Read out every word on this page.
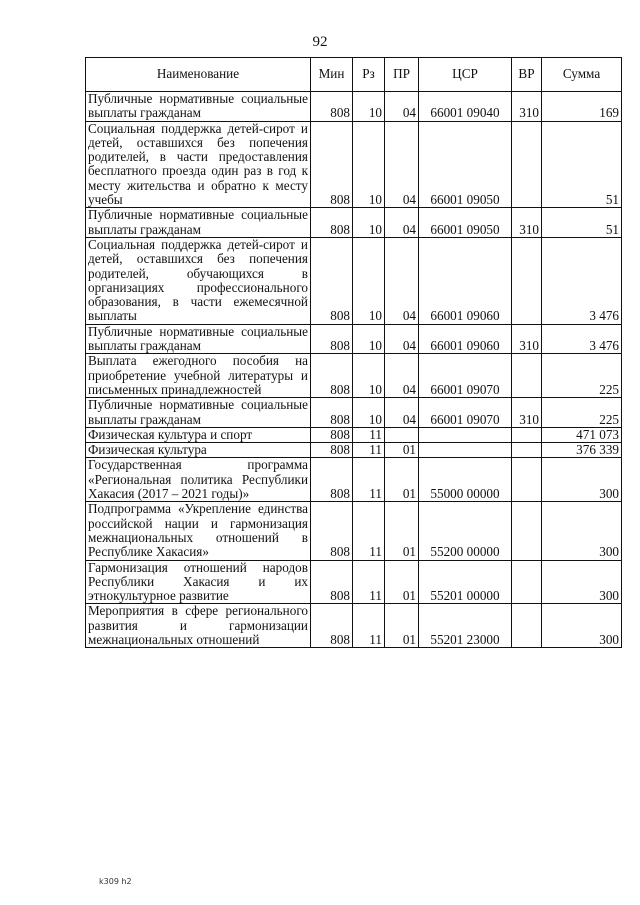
92
Наименование	Мин	Рз	ПР	ЦСР	ВР	Сумма
Публичные нормативные социальные выплаты гражданам	808	10	04	66001 09040	310	169
Социальная поддержка детей-сирот и детей, оставшихся без попечения родителей, в части предоставления бесплатного проезда один раз в год к месту жительства и обратно к месту учебы	808	10	04	66001 09050		51
Публичные нормативные социальные выплаты гражданам	808	10	04	66001 09050	310	51
Социальная поддержка детей-сирот и детей, оставшихся без попечения родителей, обучающихся в организациях профессионального образования, в части ежемесячной выплаты	808	10	04	66001 09060		3 476
Публичные нормативные социальные выплаты гражданам	808	10	04	66001 09060	310	3 476
Выплата ежегодного пособия на приобретение учебной литературы и письменных принадлежностей	808	10	04	66001 09070		225
Публичные нормативные социальные выплаты гражданам	808	10	04	66001 09070	310	225
Физическая культура и спорт	808	11				471 073
Физическая культура	808	11	01			376 339
Государственная программа «Региональная политика Республики Хакасия (2017 – 2021 годы)»	808	11	01	55000 00000		300
Подпрограмма «Укрепление единства российской нации и гармонизация межнациональных отношений в Республике Хакасия»	808	11	01	55200 00000		300
Гармонизация отношений народов Республики Хакасия и их этнокультурное развитие	808	11	01	55201 00000		300
Мероприятия в сфере регионального развития и гармонизации межнациональных отношений	808	11	01	55201 23000		300
k309 h2
